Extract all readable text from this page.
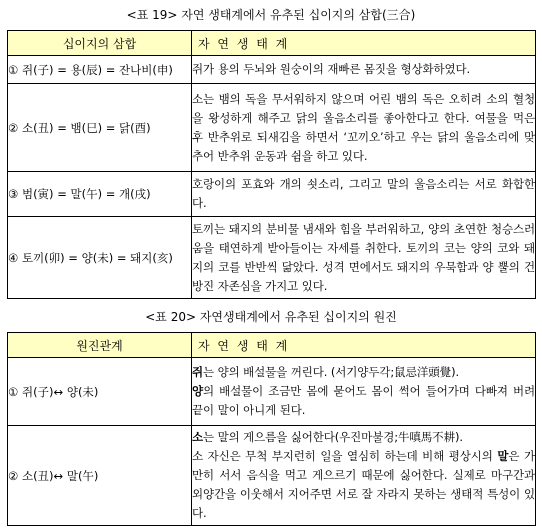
<표 19> 자연 생태계에서 유추된 십이지의 삼합(三合)
십이지의 삼합	자 연 생 태 계
① 쥐(子) = 용(辰) = 잔나비(申)	쥐가 용의 두뇌와 원숭이의 재빠른 몸짓을 형상화하였다.
② 소(丑) = 뱀(巳) = 닭(酉)	소는 뱀의 독을 무서워하지 않으며 어린 뱀의 독은 오히려 소의 혈청을 왕성하게 해주고 닭의 울음소리를 좋아한다고 한다. 여물을 먹은 후 반추위로 되새김을 하면서 ‘꼬끼오’하고 우는 닭의 울음소리에 맞추어 반추위 운동과 쉼을 하고 있다.
③ 범(寅) = 말(午) = 개(戌)	호랑이의 포효와 개의 쇳소리, 그리고 말의 울음소리는 서로 화합한다.
④ 토끼(卯) = 양(未) = 돼지(亥)	토끼는 돼지의 분비물 냄새와 힘을 부러워하고, 양의 초연한 청승스러움을 태연하게 받아들이는 자세를 취한다. 토끼의 코는 양의 코와 돼지의 코를 반반씩 닮았다. 성격 면에서도 돼지의 우묵함과 양 뿔의 건방진 자존심을 가지고 있다.
<표 20> 자연생태계에서 유추된 십이지의 원진
원진관계	자 연 생 태 계
① 쥐(子)↔ 양(未)	쥐는 양의 배설물을 꺼린다. (서기양두각;鼠忌洋頭覺).

양의 배설물이 조금만 몸에 묻어도 몸이 썩어 들어가며 다빠져 버려 끝이 말이 아니게 된다.

② 소(丑)↔ 말(午)	소는 말의 게으름을 싫어한다(우진마불경;牛嗔馬不耕).

소 자신은 무척 부지런히 일을 열심히 하는데 비해 평상시의 말은 가만히 서서 음식을 먹고 게으르기 때문에 싫어한다. 실제로 마구간과 외양간을 이웃해서 지어주면 서로 잘 자라지 못하는 생태적 특성이 있다.
